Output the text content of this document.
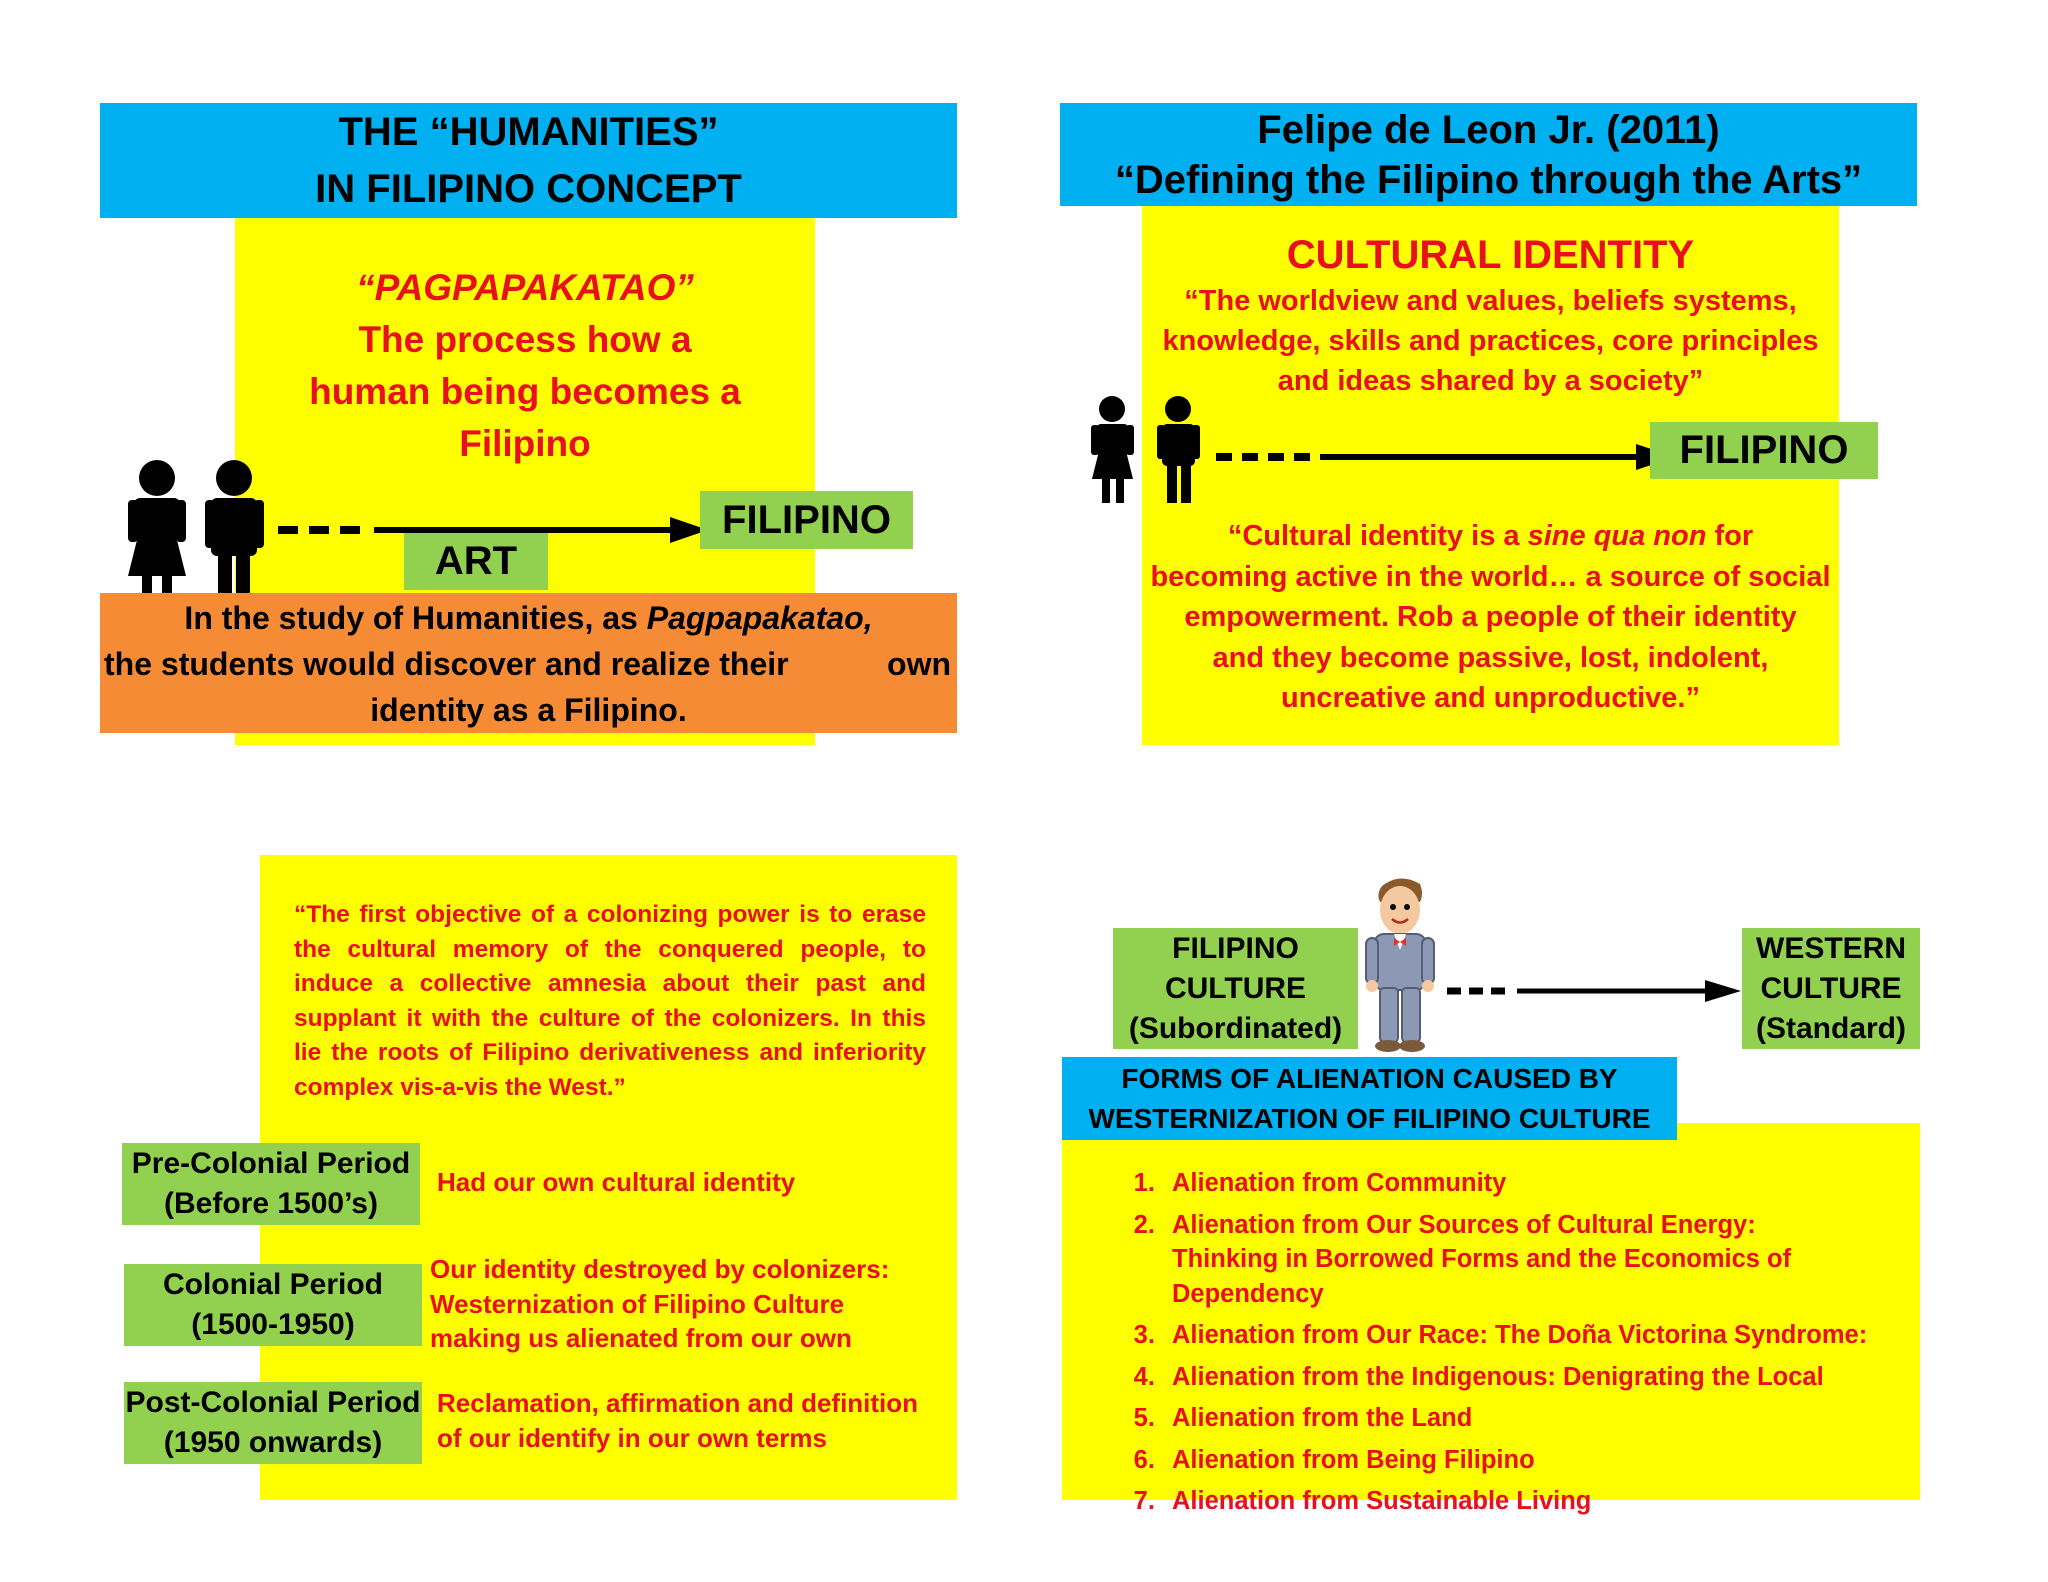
THE “HUMANITIES”
IN FILIPINO CONCEPT
“PAGPAPAKATAO”
The process how a
human being becomes a
Filipino
FILIPINO
ART
In the study of Humanities, as Pagpapakatao,
the students would discover and realize their	own
identity as a Filipino.
Felipe de Leon Jr. (2011)
“Defining the Filipino through the Arts”
CULTURAL IDENTITY
“The worldview and values, beliefs systems,
knowledge, skills and practices, core principles
and ideas shared by a society”
FILIPINO
“Cultural identity is a sine qua non for
becoming active in the world… a source of social
empowerment. Rob a people of their identity
and they become passive, lost, indolent,
uncreative and unproductive.”
“The first objective of a colonizing power is to erase
the cultural memory of the conquered people, to
induce a collective amnesia about their past and
supplant it with the culture of the colonizers. In this
lie the roots of Filipino derivativeness and inferiority
complex vis-a-vis the West.”
Pre-Colonial Period
(Before 1500’s)
Had our own cultural identity
Colonial Period
(1500-1950)
Our identity destroyed by colonizers:
Westernization of Filipino Culture
making us alienated from our own
Post-Colonial Period
(1950 onwards)
Reclamation, affirmation and definition
of our identify in our own terms
FILIPINO
CULTURE
(Subordinated)
WESTERN
CULTURE
(Standard)
FORMS OF ALIENATION CAUSED BY
WESTERNIZATION OF FILIPINO CULTURE
1. Alienation from Community
2. Alienation from Our Sources of Cultural Energy: Thinking in Borrowed Forms and the Economics of Dependency
3. Alienation from Our Race: The Doña Victorina Syndrome:
4. Alienation from the Indigenous: Denigrating the Local
5. Alienation from the Land
6. Alienation from Being Filipino
7. Alienation from Sustainable Living
